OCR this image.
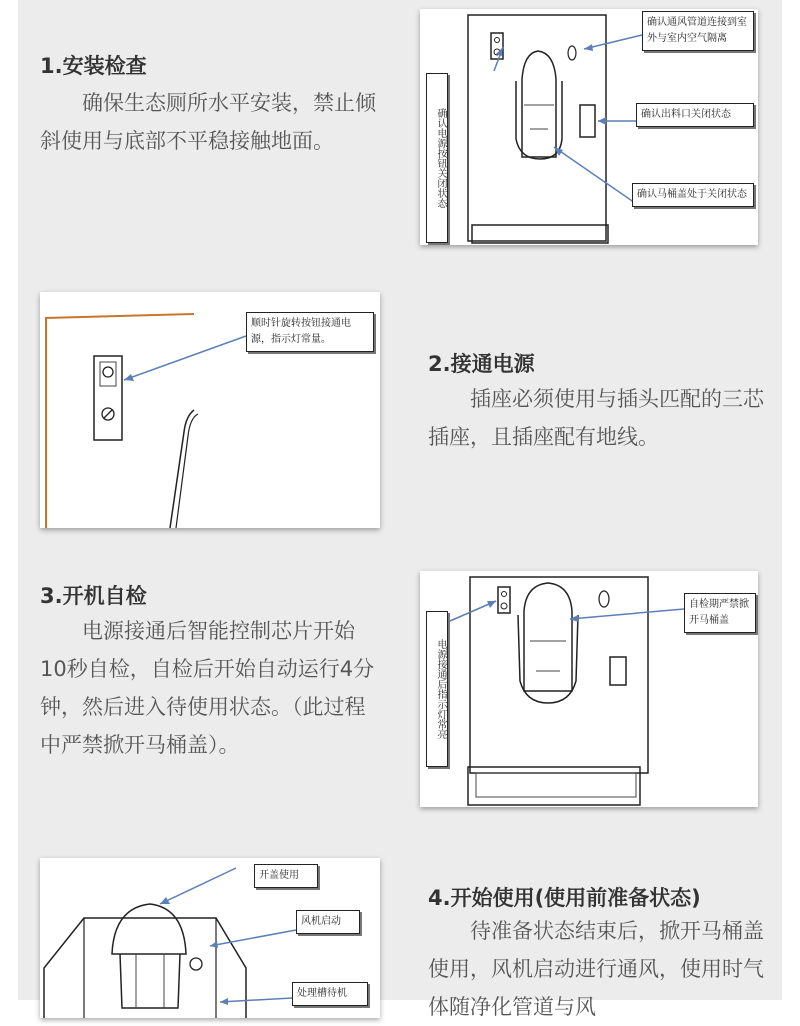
1.安装检查

确保生态厕所水平安装，禁止倾斜使用与底部不平稳接触地面。	确认电源按钮关闭状态
确认通风管道连接到室外与室内空气隔离
确认出料口关闭状态
确认马桶盖处于关闭状态
顺时针旋转按钮接通电源，指示灯常量。
2.接通电源

插座必须使用与插头匹配的三芯插座，且插座配有地线。

3.开机自检

电源接通后智能控制芯片开始10秒自检，自检后开始自动运行4分钟，然后进入待使用状态。（此过程中严禁掀开马桶盖）。

电源接通后指示灯常亮
自检期严禁掀开马桶盖
开盖使用
风机启动
处理槽待机
4.开始使用(使用前准备状态)

待准备状态结束后，掀开马桶盖使用，风机启动进行通风，使用时气体随净化管道与风
